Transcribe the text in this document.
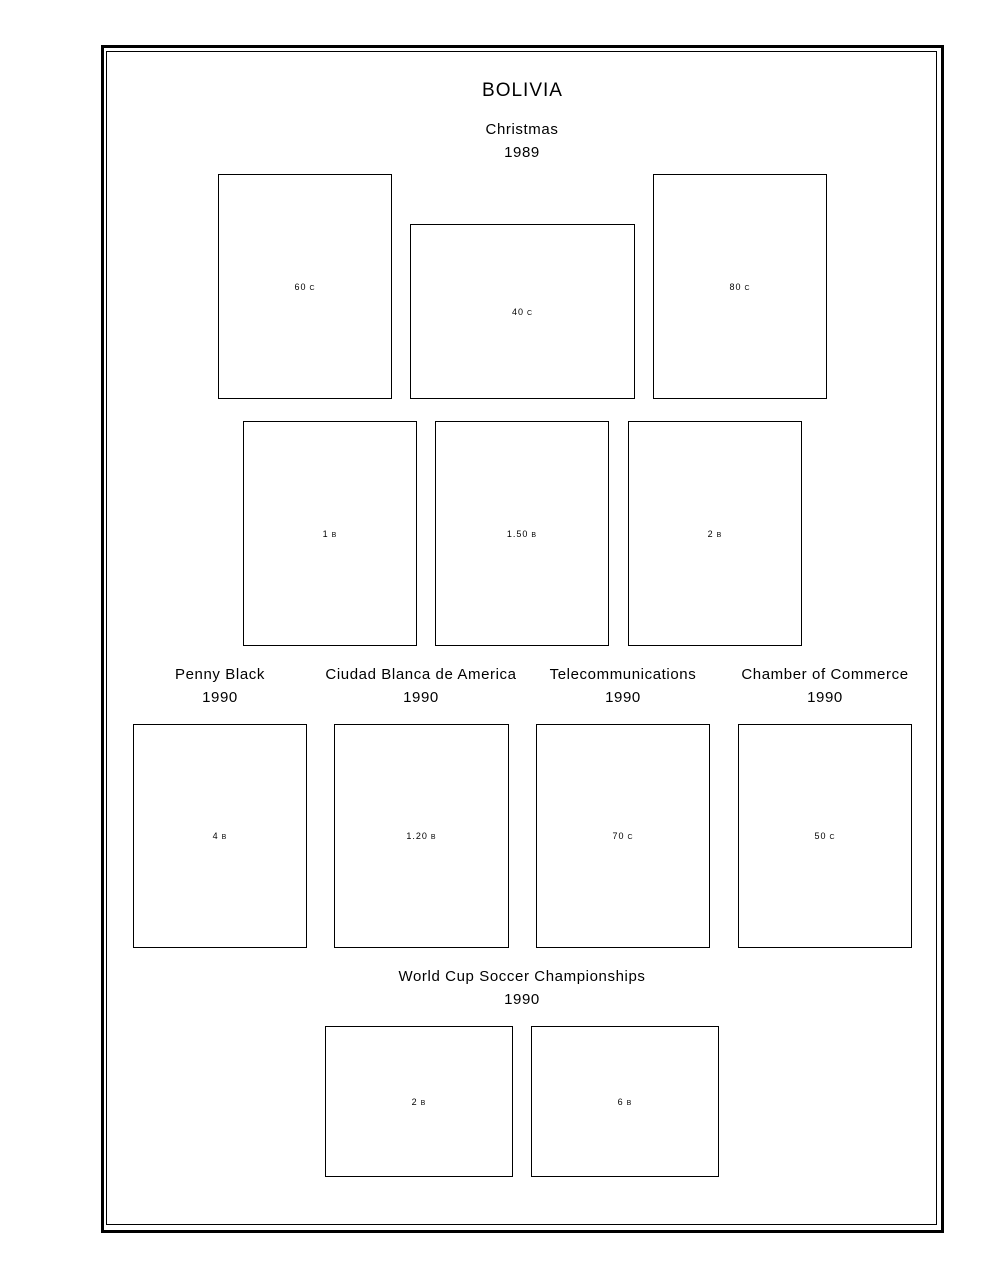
BOLIVIA
Christmas
1989
60 C
40 C
80 C
1 B	1.50 B	2 B
Penny Black
1990
Ciudad Blanca de America
1990
Telecommunications
1990
Chamber of Commerce
1990
4 B	1.20 B	70 C	50 C
World Cup Soccer Championships
1990
2 B	6 B
